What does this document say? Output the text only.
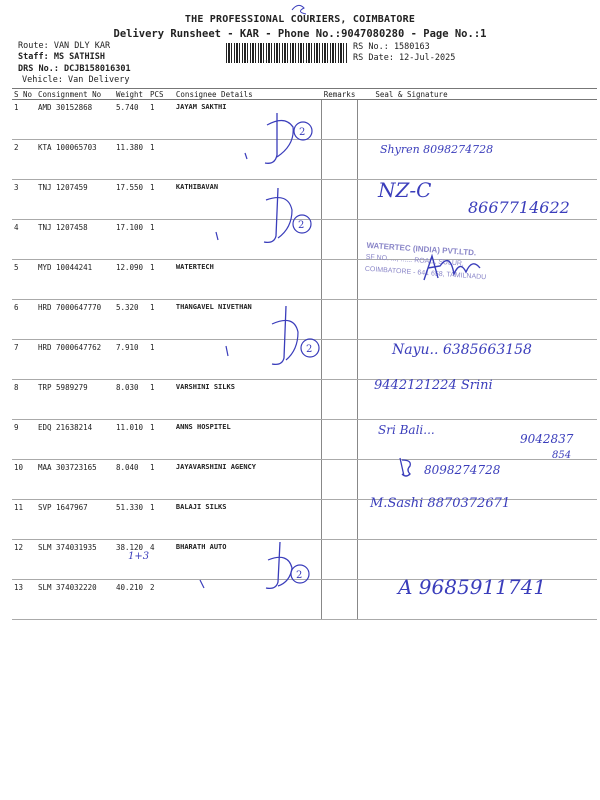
THE PROFESSIONAL COURIERS, COIMBATORE
Delivery Runsheet - KAR - Phone No.:9047080280 - Page No.:1
Route: VAN DLY KAR
Staff: MS SATHISH
DRS No.: DCJB158016301
Vehicle: Van Delivery
RS No.: 1580163
RS Date: 12-Jul-2025
S No	Consignment No	Weight	PCS	Consignee Details	Remarks	Seal & Signature
1	AMD 30152868	5.740	1	JAYAM SAKTHI		
2	KTA 100065703	11.380	1			
3	TNJ 1207459	17.550	1	KATHIBAVAN		
4	TNJ 1207458	17.100	1			
5	MYD 10044241	12.090	1	WATERTECH		
6	HRD 7000647770	5.320	1	THANGAVEL NIVETHAN		
7	HRD 7000647762	7.910	1			
8	TRP 5989279	8.030	1	VARSHINI SILKS		
9	EDQ 21638214	11.010	1	ANNS HOSPITEL		
10	MAA 303723165	8.040	1	JAYAVARSHINI AGENCY		
11	SVP 1647967	51.330	1	BALAJI SILKS		
12	SLM 374031935	38.120	4	BHARATH AUTO		
13	SLM 374032220	40.210	2			
2
2
2
2
Shyren 8098274728
NZ-C
8667714622
WATERTEC (INDIA) PVT.LTD.
SF NO. ..., ...... ROAD, SULUR,
COIMBATORE - 641 658, TAMILNADU
Nayu.. 6385663158
9442121224 Srini
Sri Bali...
9042837
854
8098274728
M.Sashi 8870372671
1+3
A 9685911741
